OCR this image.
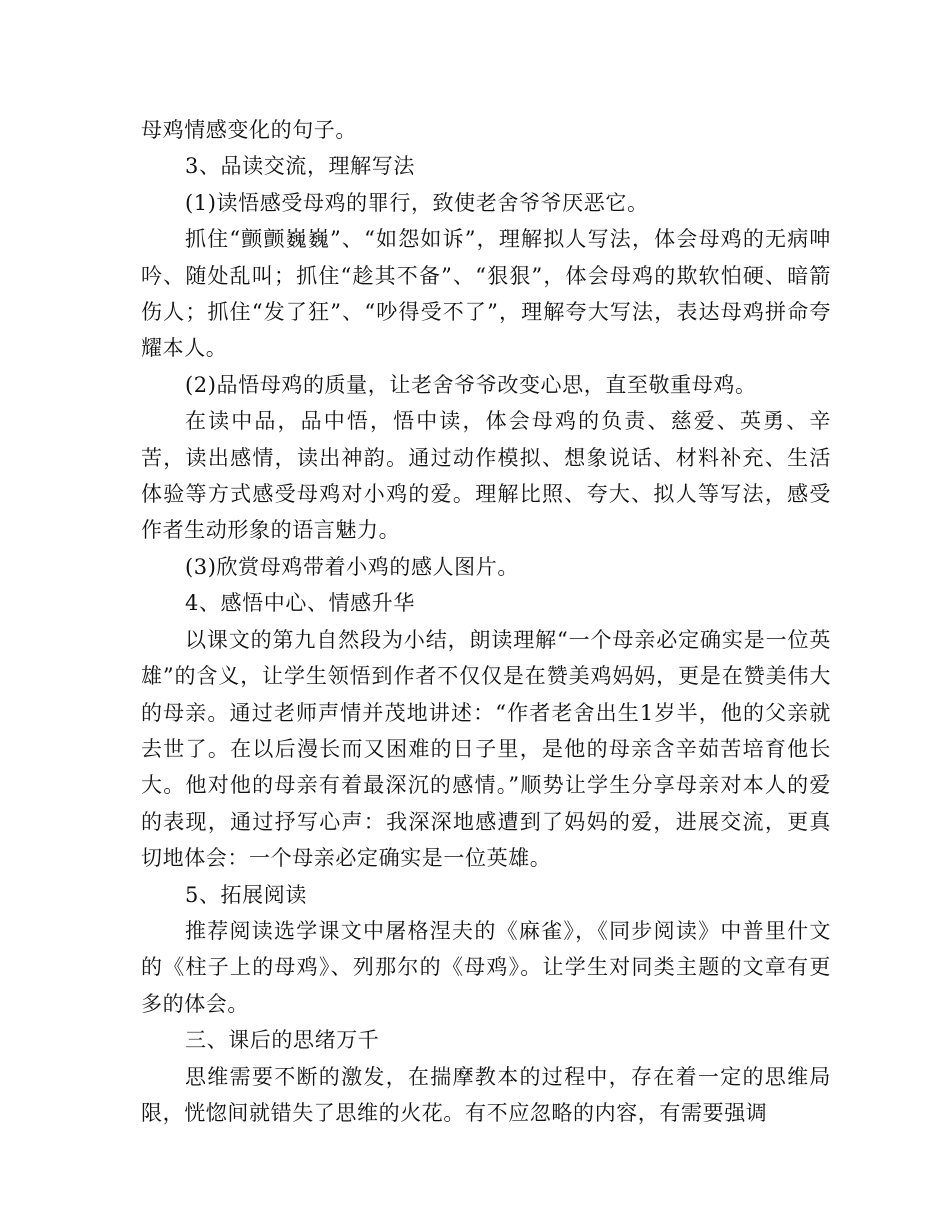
母鸡情感变化的句子。

3、品读交流，理解写法

(1)读悟感受母鸡的罪行，致使老舍爷爷厌恶它。

抓住“颤颤巍巍”、“如怨如诉”，理解拟人写法，体会母鸡的无病呻吟、随处乱叫；抓住“趁其不备”、“狠狠”，体会母鸡的欺软怕硬、暗箭伤人；抓住“发了狂”、“吵得受不了”，理解夸大写法，表达母鸡拼命夸耀本人。

(2)品悟母鸡的质量，让老舍爷爷改变心思，直至敬重母鸡。

在读中品，品中悟，悟中读，体会母鸡的负责、慈爱、英勇、辛苦，读出感情，读出神韵。通过动作模拟、想象说话、材料补充、生活体验等方式感受母鸡对小鸡的爱。理解比照、夸大、拟人等写法，感受作者生动形象的语言魅力。

(3)欣赏母鸡带着小鸡的感人图片。

4、感悟中心、情感升华

以课文的第九自然段为小结，朗读理解“一个母亲必定确实是一位英雄”的含义，让学生领悟到作者不仅仅是在赞美鸡妈妈，更是在赞美伟大的母亲。通过老师声情并茂地讲述：“作者老舍出生1岁半，他的父亲就去世了。在以后漫长而又困难的日子里，是他的母亲含辛茹苦培育他长大。他对他的母亲有着最深沉的感情。”顺势让学生分享母亲对本人的爱的表现，通过抒写心声：我深深地感遭到了妈妈的爱，进展交流，更真切地体会：一个母亲必定确实是一位英雄。

5、拓展阅读

推荐阅读选学课文中屠格涅夫的《麻雀》，《同步阅读》中普里什文的《柱子上的母鸡》、列那尔的《母鸡》。让学生对同类主题的文章有更多的体会。

三、课后的思绪万千

思维需要不断的激发，在揣摩教本的过程中，存在着一定的思维局限，恍惚间就错失了思维的火花。有不应忽略的内容，有需要强调
